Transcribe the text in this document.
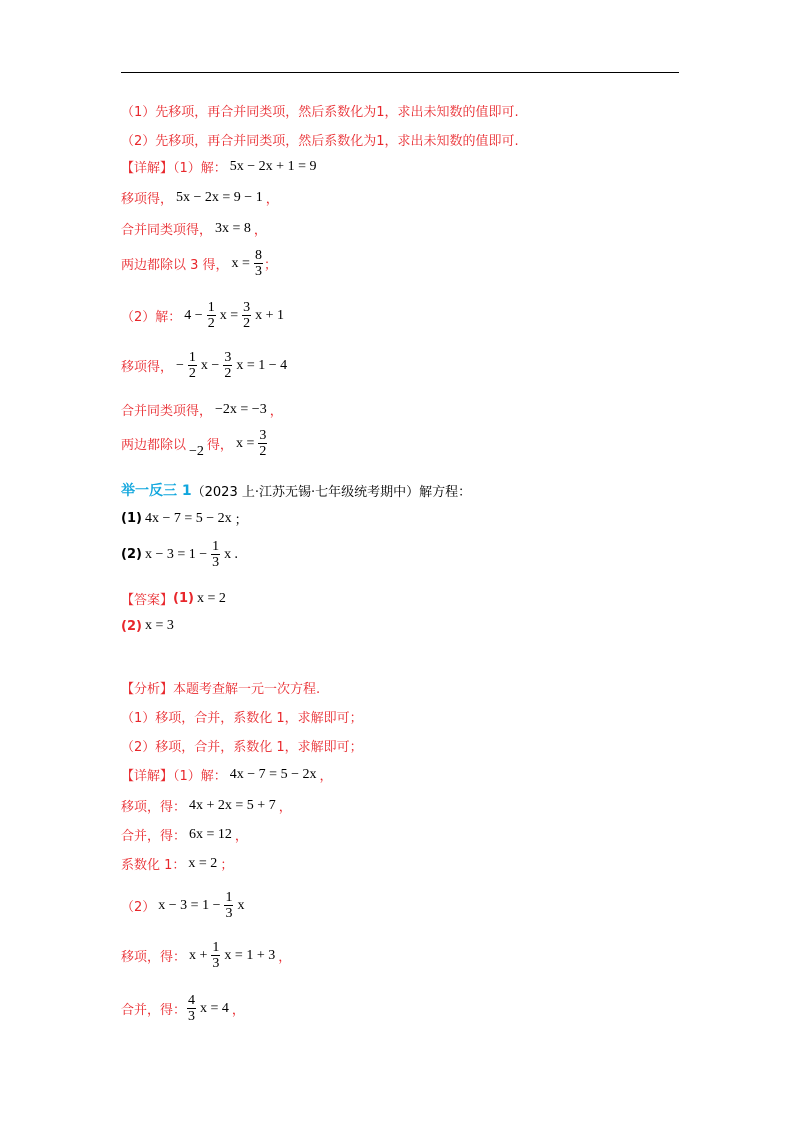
（1）先移项，再合并同类项，然后系数化为1，求出未知数的值即可.
（2）先移项，再合并同类项，然后系数化为1，求出未知数的值即可.
【详解】（1）解： 5x − 2x + 1 = 9
移项得， 5x − 2x = 9 − 1 ，
合并同类项得， 3x = 8 ，
两边都除以 3 得， $x = \frac{8}{3}$ ；
（2）解： $4 - \frac{1}{2}$ $x = \frac{3}{2}$ x + 1
移项得， − $\frac{1}{2}$ $x - \frac{3}{2}$ x = 1 − 4
合并同类项得， −2x = −3 ，
两边都除以 −2 得， $x = \frac{3}{2}$
举一反三 1 （2023 上·江苏无锡·七年级统考期中）解方程：
(1) 4x − 7 = 5 − 2x ；
(2) $x - 3 = 1 - \frac{1}{3}$ x .
【答案】 (1) x = 2
(2) x = 3
【分析】本题考查解一元一次方程.
（1）移项，合并，系数化 1，求解即可；
（2）移项，合并，系数化 1，求解即可；
【详解】（1）解： 4x − 7 = 5 − 2x ，
移项，得： 4x + 2x = 5 + 7 ，
合并，得： 6x = 12 ，
系数化 1： x = 2 ；
（2） $x - 3 = 1 - \frac{1}{3}$ x
移项，得： $x + \frac{1}{3}$ x = 1 + 3 ，
合并，得： $\frac{4}{3}$ x = 4 ，
